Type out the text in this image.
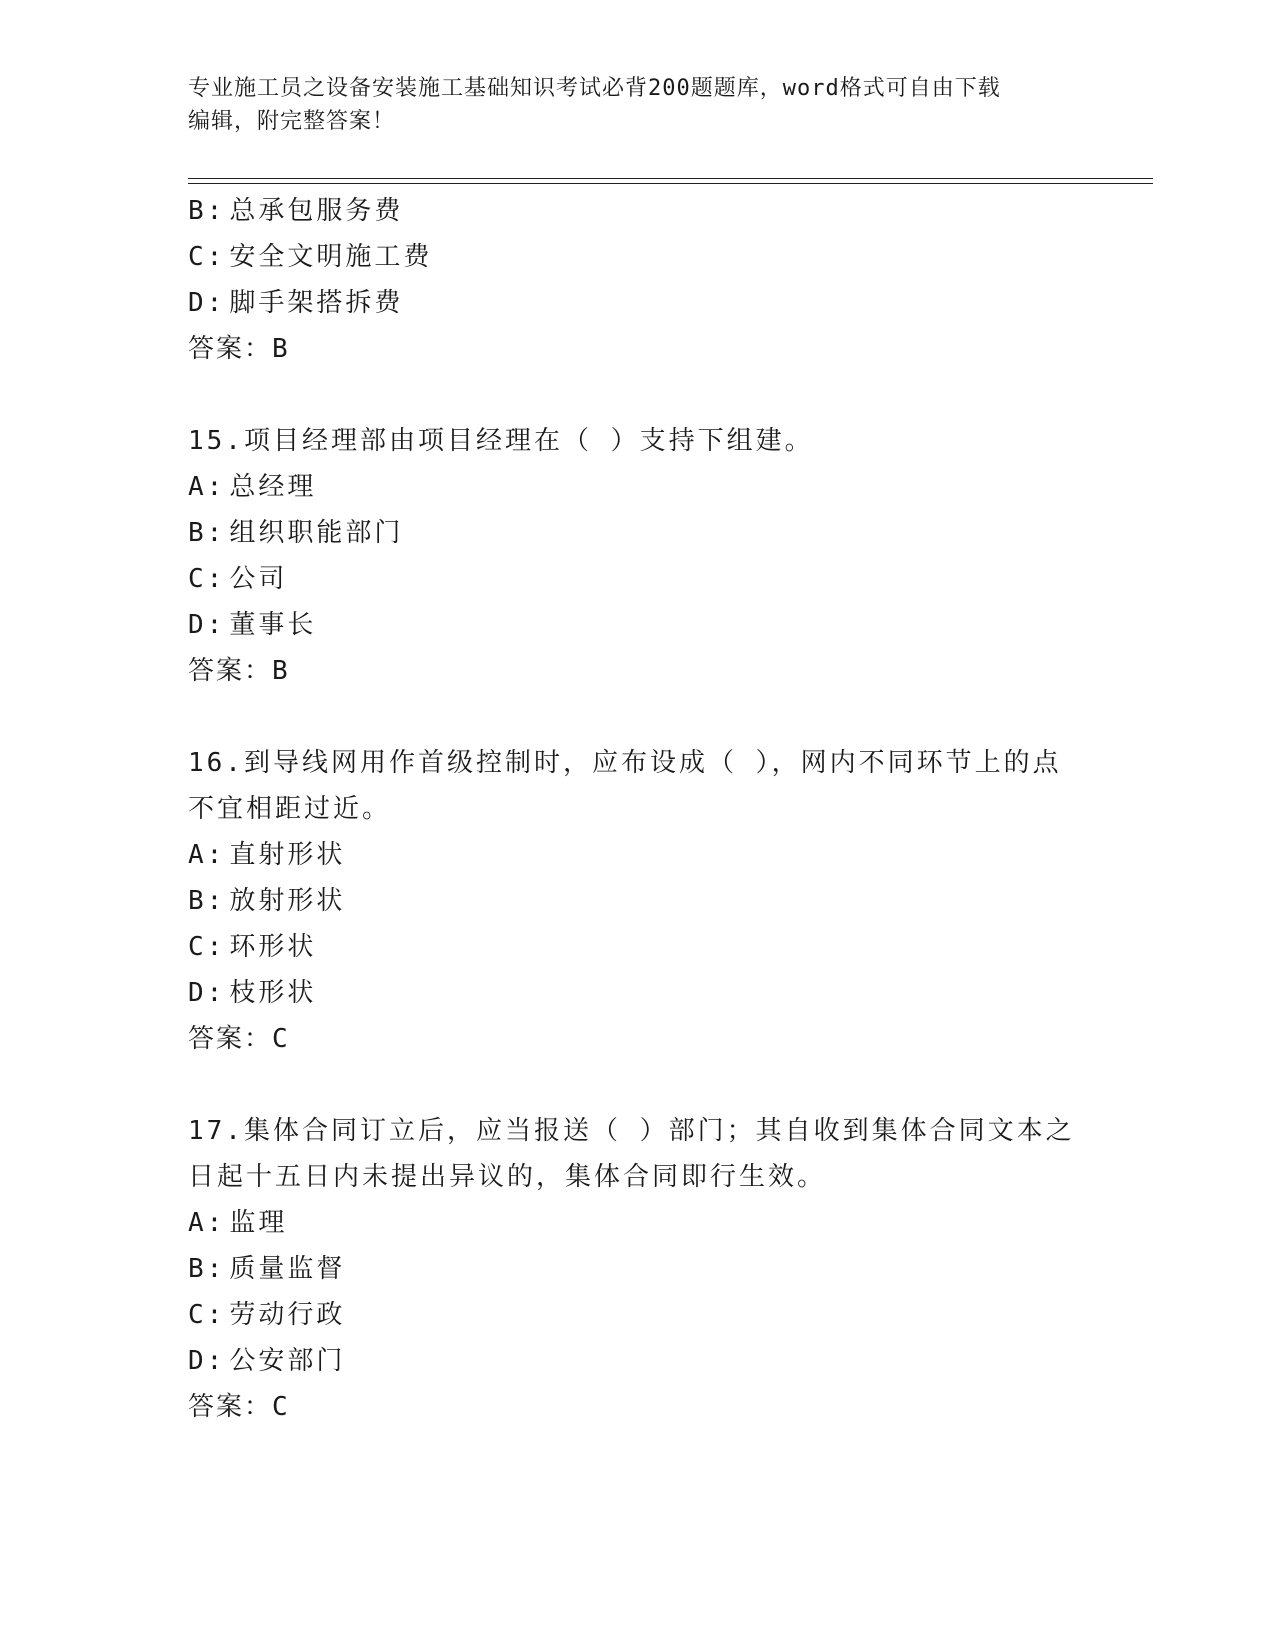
专业施工员之设备安装施工基础知识考试必背200题题库，word格式可自由下载
编辑，附完整答案！
B: 总承包服务费
C: 安全文明施工费
D: 脚手架搭拆费
答案：B
15.项目经理部由项目经理在（ ）支持下组建。
A: 总经理
B: 组织职能部门
C: 公司
D: 董事长
答案：B
16.到导线网用作首级控制时，应布设成（ ），网内不同环节上的点不宜相距过近。
A: 直射形状
B: 放射形状
C: 环形状
D: 枝形状
答案：C
17.集体合同订立后，应当报送（ ）部门；其自收到集体合同文本之日起十五日内未提出异议的，集体合同即行生效。
A: 监理
B: 质量监督
C: 劳动行政
D: 公安部门
答案：C
